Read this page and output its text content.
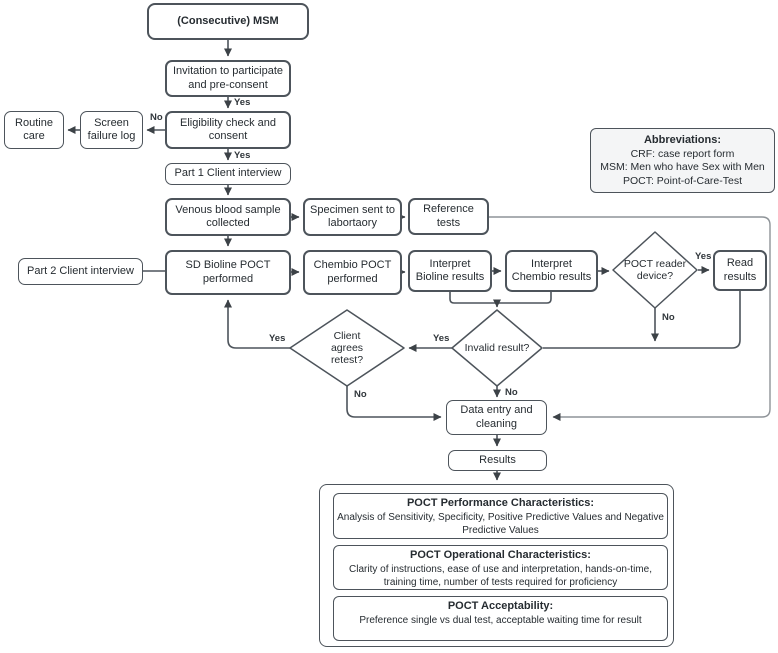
(Consecutive) MSM
Invitation to participate and pre-consent
Eligibility check and consent
Screen failure log
Routine care
Part 1 Client interview
Venous blood sample collected
Specimen sent to labortaory
Reference tests
Part 2 Client interview	SD Bioline POCT performed
Chembio POCT performed
Interpret Bioline results
Interpret Chembio results
Read results
Data entry and cleaning
Results
POCT reader device?
Invalid result?
Client agrees retest?
Yes
No
Yes
Yes
No
Yes
No
Yes
No
Abbreviations:
CRF: case report form
MSM: Men who have Sex with Men
POCT: Point-of-Care-Test
POCT Performance Characteristics:
Analysis of Sensitivity, Specificity, Positive Predictive Values and Negative Predictive Values
POCT Operational Characteristics:
Clarity of instructions, ease of use and interpretation, hands-on-time, training time, number of tests required for proficiency
POCT Acceptability:
Preference single vs dual test, acceptable waiting time for result
